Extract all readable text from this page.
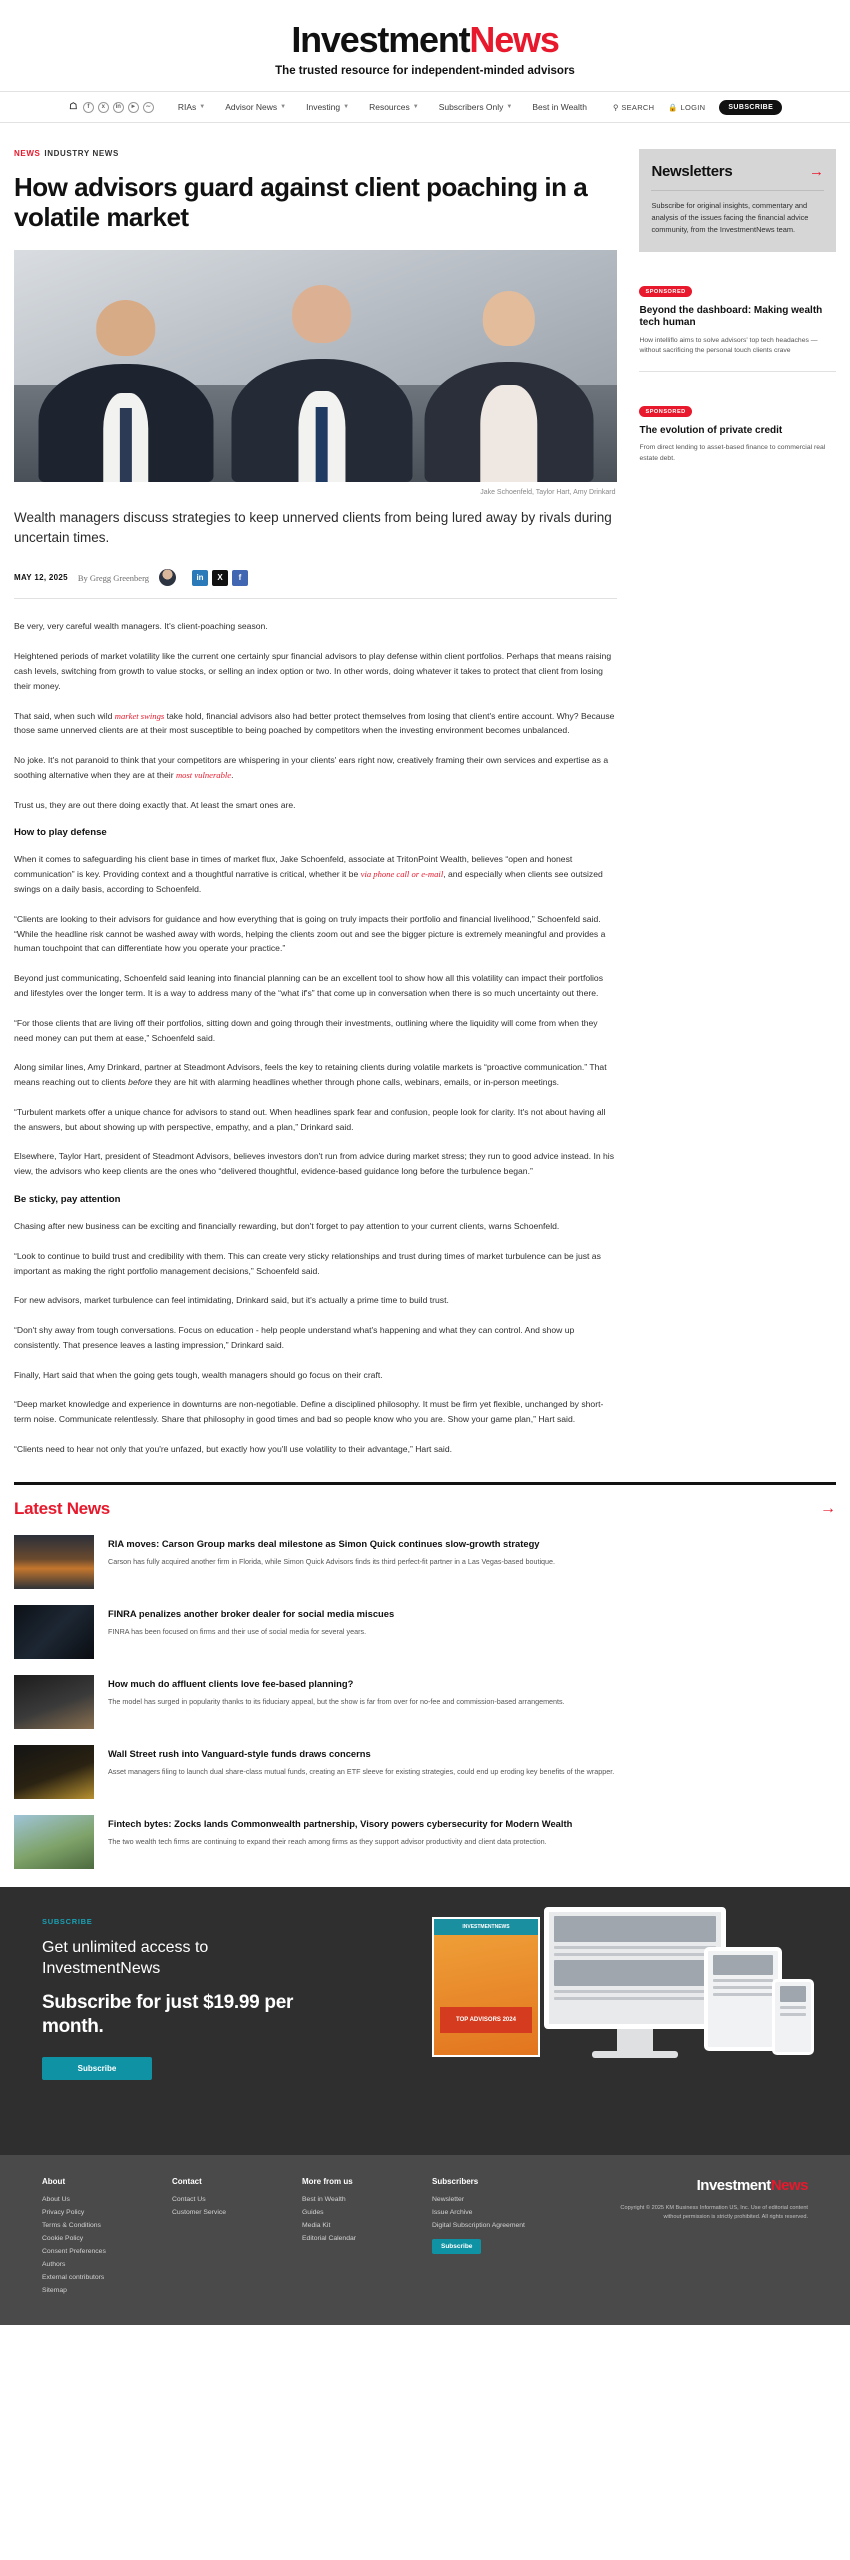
InvestmentNews
The trusted resource for independent-minded advisors
☖	f	x	in	►	∼	RIAs ▼ Advisor News ▼ Investing ▼ Resources ▼ Subscribers Only ▼ Best in Wealth	⚲ SEARCH 🔒 LOGIN	SUBSCRIBE
NEWS INDUSTRY NEWS
How advisors guard against client poaching in a volatile market
Jake Schoenfeld, Taylor Hart, Amy Drinkard
Wealth managers discuss strategies to keep unnerved clients from being lured away by rivals during uncertain times.
MAY 12, 2025 By Gregg Greenberg	in	X	f

Be very, very careful wealth managers. It's client-poaching season.

Heightened periods of market volatility like the current one certainly spur financial advisors to play defense within client portfolios. Perhaps that means raising cash levels, switching from growth to value stocks, or selling an index option or two. In other words, doing whatever it takes to protect that client from losing their money.

That said, when such wild market swings take hold, financial advisors also had better protect themselves from losing that client's entire account. Why? Because those same unnerved clients are at their most susceptible to being poached by competitors when the investing environment becomes unbalanced.

No joke. It's not paranoid to think that your competitors are whispering in your clients' ears right now, creatively framing their own services and expertise as a soothing alternative when they are at their most vulnerable.

Trust us, they are out there doing exactly that. At least the smart ones are.

How to play defense

When it comes to safeguarding his client base in times of market flux, Jake Schoenfeld, associate at TritonPoint Wealth, believes “open and honest communication” is key. Providing context and a thoughtful narrative is critical, whether it be via phone call or e-mail, and especially when clients see outsized swings on a daily basis, according to Schoenfeld.

“Clients are looking to their advisors for guidance and how everything that is going on truly impacts their portfolio and financial livelihood,” Schoenfeld said. “While the headline risk cannot be washed away with words, helping the clients zoom out and see the bigger picture is extremely meaningful and provides a human touchpoint that can differentiate how you operate your practice.”

Beyond just communicating, Schoenfeld said leaning into financial planning can be an excellent tool to show how all this volatility can impact their portfolios and lifestyles over the longer term. It is a way to address many of the “what if's” that come up in conversation when there is so much uncertainty out there.

“For those clients that are living off their portfolios, sitting down and going through their investments, outlining where the liquidity will come from when they need money can put them at ease,” Schoenfeld said.

Along similar lines, Amy Drinkard, partner at Steadmont Advisors, feels the key to retaining clients during volatile markets is “proactive communication.” That means reaching out to clients before they are hit with alarming headlines whether through phone calls, webinars, emails, or in-person meetings.

“Turbulent markets offer a unique chance for advisors to stand out. When headlines spark fear and confusion, people look for clarity. It's not about having all the answers, but about showing up with perspective, empathy, and a plan,” Drinkard said.

Elsewhere, Taylor Hart, president of Steadmont Advisors, believes investors don't run from advice during market stress; they run to good advice instead. In his view, the advisors who keep clients are the ones who “delivered thoughtful, evidence-based guidance long before the turbulence began.”

Be sticky, pay attention

Chasing after new business can be exciting and financially rewarding, but don't forget to pay attention to your current clients, warns Schoenfeld.

“Look to continue to build trust and credibility with them. This can create very sticky relationships and trust during times of market turbulence can be just as important as making the right portfolio management decisions,” Schoenfeld said.

For new advisors, market turbulence can feel intimidating, Drinkard said, but it's actually a prime time to build trust.

“Don't shy away from tough conversations. Focus on education - help people understand what's happening and what they can control. And show up consistently. That presence leaves a lasting impression,” Drinkard said.

Finally, Hart said that when the going gets tough, wealth managers should go focus on their craft.

“Deep market knowledge and experience in downturns are non-negotiable. Define a disciplined philosophy. It must be firm yet flexible, unchanged by short-term noise. Communicate relentlessly. Share that philosophy in good times and bad so people know who you are. Show your game plan,” Hart said.

“Clients need to hear not only that you're unfazed, but exactly how you'll use volatility to their advantage,” Hart said.

Newsletters	→
Subscribe for original insights, commentary and analysis of the issues facing the financial advice community, from the InvestmentNews team.
SPONSORED
Beyond the dashboard: Making wealth tech human
How intelliflo aims to solve advisors' top tech headaches —without sacrificing the personal touch clients crave
SPONSORED
The evolution of private credit
From direct lending to asset-based finance to commercial real estate debt.
Latest News	→
RIA moves: Carson Group marks deal milestone as Simon Quick continues slow-growth strategy
Carson has fully acquired another firm in Florida, while Simon Quick Advisors finds its third perfect-fit partner in a Las Vegas-based boutique.
FINRA penalizes another broker dealer for social media miscues
FINRA has been focused on firms and their use of social media for several years.
How much do affluent clients love fee-based planning?
The model has surged in popularity thanks to its fiduciary appeal, but the show is far from over for no-fee and commission-based arrangements.
Wall Street rush into Vanguard-style funds draws concerns
Asset managers filing to launch dual share-class mutual funds, creating an ETF sleeve for existing strategies, could end up eroding key benefits of the wrapper.
Fintech bytes: Zocks lands Commonwealth partnership, Visory powers cybersecurity for Modern Wealth
The two wealth tech firms are continuing to expand their reach among firms as they support advisor productivity and client data protection.
SUBSCRIBE
Get unlimited access to InvestmentNews
Subscribe for just $19.99 per month.
Subscribe
INVESTMENTNEWS
TOP ADVISORS 2024
About
About Us
Privacy Policy
Terms & Conditions
Cookie Policy
Consent Preferences
Authors
External contributors
Sitemap
Contact
Contact Us
Customer Service
More from us
Best in Wealth
Guides
Media Kit
Editorial Calendar
Subscribers
Newsletter
Issue Archive
Digital Subscription Agreement
Subscribe
InvestmentNews
Copyright © 2025 KM Business Information US, Inc. Use of editorial content without permission is strictly prohibited. All rights reserved.
